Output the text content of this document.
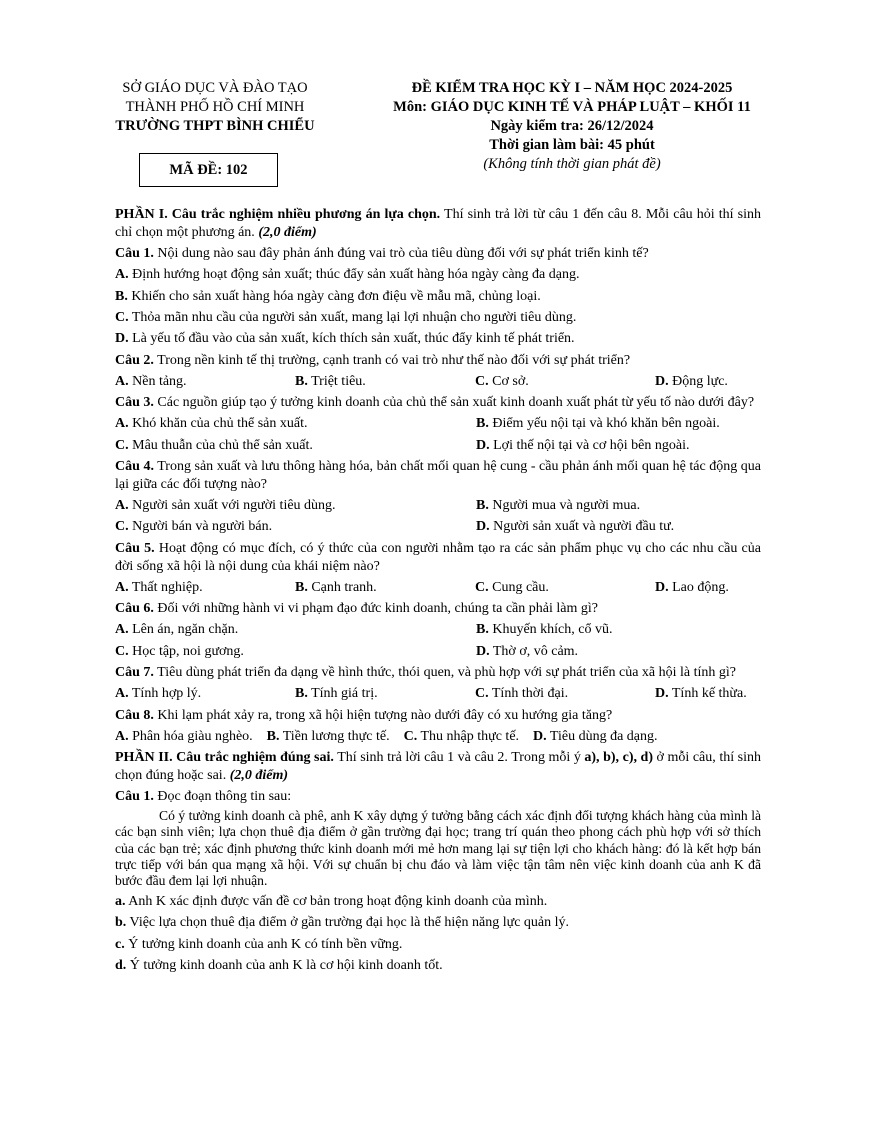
SỞ GIÁO DỤC VÀ ĐÀO TẠO
THÀNH PHỐ HỒ CHÍ MINH
TRƯỜNG THPT BÌNH CHIỂU
MÃ ĐỀ: 102
ĐỀ KIỂM TRA HỌC KỲ I – NĂM HỌC 2024-2025
Môn: GIÁO DỤC KINH TẾ VÀ PHÁP LUẬT – KHỐI 11
Ngày kiểm tra: 26/12/2024
Thời gian làm bài: 45 phút
(Không tính thời gian phát đề)

PHẦN I. Câu trắc nghiệm nhiều phương án lựa chọn. Thí sinh trả lời từ câu 1 đến câu 8. Mỗi câu hỏi thí sinh chỉ chọn một phương án. (2,0 điểm)

Câu 1. Nội dung nào sau đây phản ánh đúng vai trò của tiêu dùng đối với sự phát triển kinh tế?

A. Định hướng hoạt động sản xuất; thúc đẩy sản xuất hàng hóa ngày càng đa dạng.

B. Khiến cho sản xuất hàng hóa ngày càng đơn điệu về mẫu mã, chủng loại.

C. Thỏa mãn nhu cầu của người sản xuất, mang lại lợi nhuận cho người tiêu dùng.

D. Là yếu tố đầu vào của sản xuất, kích thích sản xuất, thúc đẩy kinh tế phát triển.

Câu 2. Trong nền kinh tế thị trường, cạnh tranh có vai trò như thế nào đối với sự phát triển?

A. Nền tảng.	B. Triệt tiêu.	C. Cơ sở.	D. Động lực.

Câu 3. Các nguồn giúp tạo ý tưởng kinh doanh của chủ thể sản xuất kinh doanh xuất phát từ yếu tố nào dưới đây?

A. Khó khăn của chủ thể sản xuất.	B. Điểm yếu nội tại và khó khăn bên ngoài.
C. Mâu thuẫn của chủ thể sản xuất.	D. Lợi thế nội tại và cơ hội bên ngoài.

Câu 4. Trong sản xuất và lưu thông hàng hóa, bản chất mối quan hệ cung - cầu phản ánh mối quan hệ tác động qua lại giữa các đối tượng nào?

A. Người sản xuất với người tiêu dùng.	B. Người mua và người mua.
C. Người bán và người bán.	D. Người sản xuất và người đầu tư.

Câu 5. Hoạt động có mục đích, có ý thức của con người nhằm tạo ra các sản phẩm phục vụ cho các nhu cầu của đời sống xã hội là nội dung của khái niệm nào?

A. Thất nghiệp.	B. Cạnh tranh.	C. Cung cầu.	D. Lao động.

Câu 6. Đối với những hành vi vi phạm đạo đức kinh doanh, chúng ta cần phải làm gì?

A. Lên án, ngăn chặn.	B. Khuyến khích, cổ vũ.
C. Học tập, noi gương.	D. Thờ ơ, vô cảm.

Câu 7. Tiêu dùng phát triển đa dạng về hình thức, thói quen, và phù hợp với sự phát triển của xã hội là tính gì?

A. Tính hợp lý.	B. Tính giá trị.	C. Tính thời đại.	D. Tính kế thừa.

Câu 8. Khi lạm phát xảy ra, trong xã hội hiện tượng nào dưới đây có xu hướng gia tăng?

A. Phân hóa giàu nghèo. B. Tiền lương thực tế. C. Thu nhập thực tế. D. Tiêu dùng đa dạng.

PHẦN II. Câu trắc nghiệm đúng sai. Thí sinh trả lời câu 1 và câu 2. Trong mỗi ý a), b), c), d) ở mỗi câu, thí sinh chọn đúng hoặc sai. (2,0 điểm)

Câu 1. Đọc đoạn thông tin sau:

Có ý tưởng kinh doanh cà phê, anh K xây dựng ý tưởng bằng cách xác định đối tượng khách hàng của mình là các bạn sinh viên; lựa chọn thuê địa điểm ở gần trường đại học; trang trí quán theo phong cách phù hợp với sở thích của các bạn trẻ; xác định phương thức kinh doanh mới mẻ hơn mang lại sự tiện lợi cho khách hàng: đó là kết hợp bán trực tiếp với bán qua mạng xã hội. Với sự chuẩn bị chu đáo và làm việc tận tâm nên việc kinh doanh của anh K đã bước đầu đem lại lợi nhuận.

a. Anh K xác định được vấn đề cơ bản trong hoạt động kinh doanh của mình.

b. Việc lựa chọn thuê địa điểm ở gần trường đại học là thể hiện năng lực quản lý.

c. Ý tưởng kinh doanh của anh K có tính bền vững.

d. Ý tưởng kinh doanh của anh K là cơ hội kinh doanh tốt.
